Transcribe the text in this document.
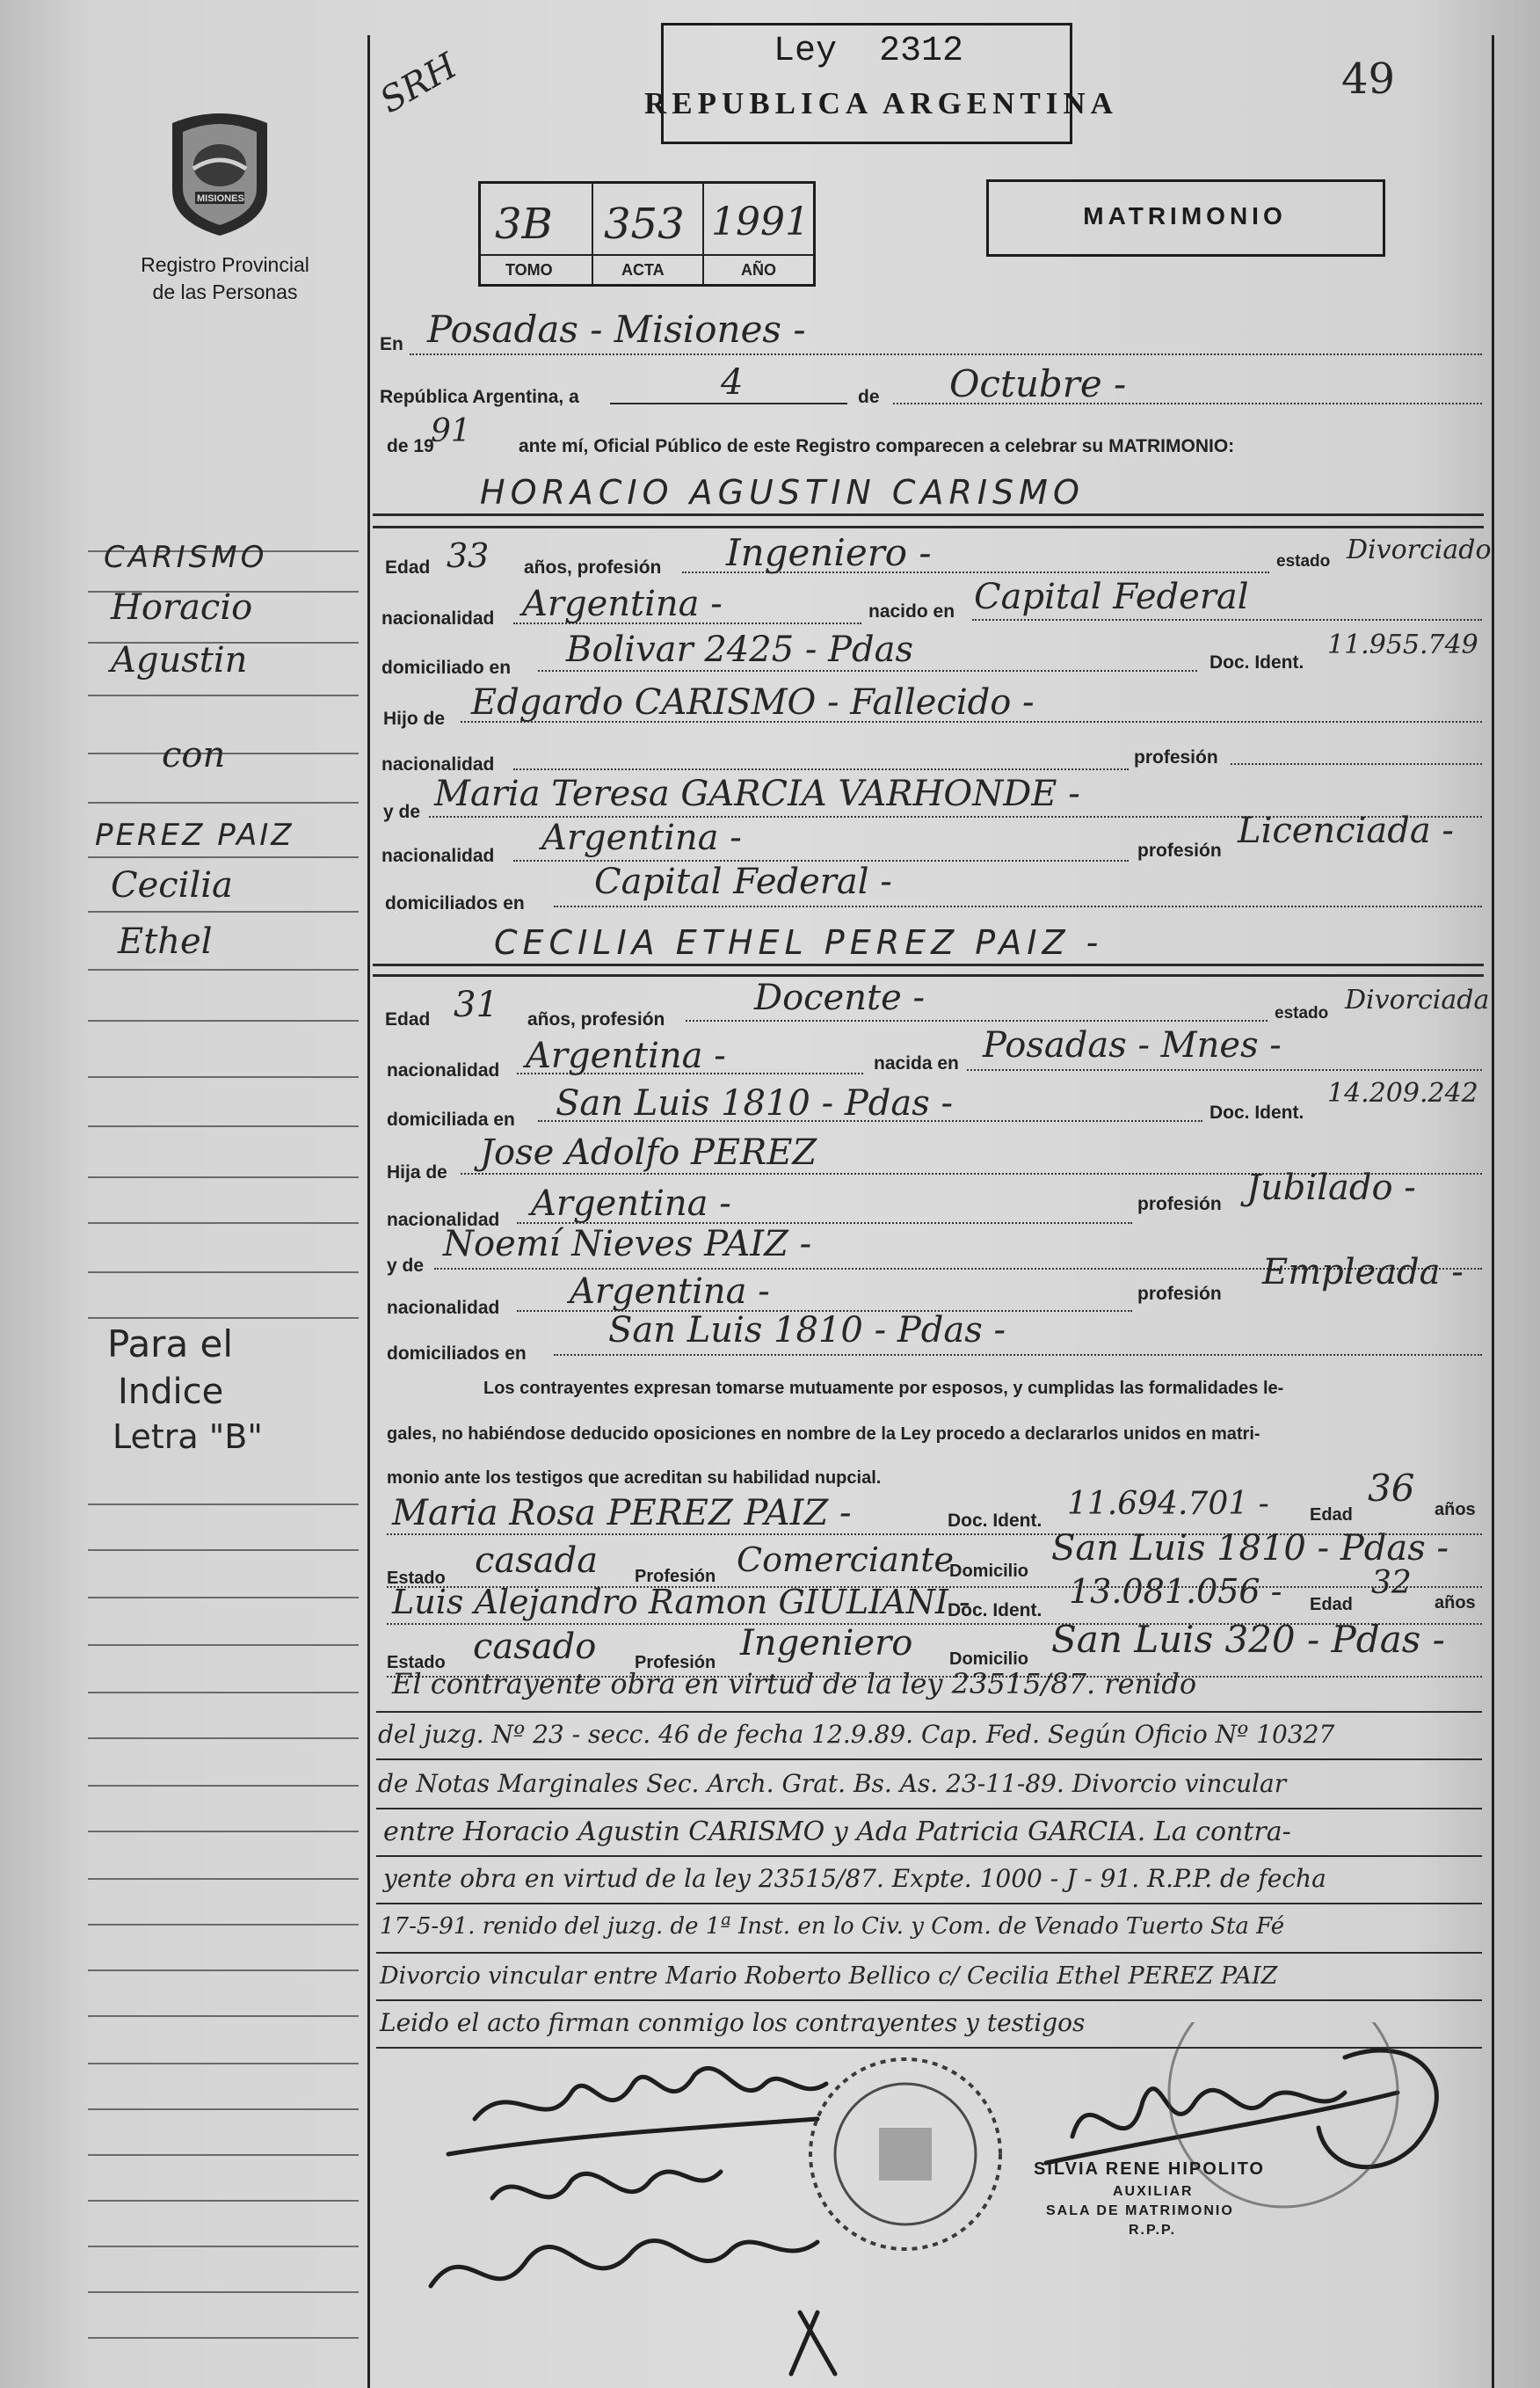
Ley  2312
REPUBLICA ARGENTINA	49
SRH
MISIONES
Registro Provincial
de las Personas
3B 353 1991
TOMO	ACTA	AÑO
MATRIMONIO
En Posadas - Misiones -
República Argentina, a	4	de Octubre -
de 19
91	ante mí, Oficial Público de este Registro comparecen a celebrar su MATRIMONIO:
HORACIO AGUSTIN CARISMO
Edad 33 años, profesión Ingeniero -	estado Divorciado
nacionalidad Argentina -	nacido en Capital Federal
domiciliado en Bolivar 2425 - Pdas	Doc. Ident.
11.955.749
Hijo de Edgardo CARISMO - Fallecido -
nacionalidad	profesión
y de Maria Teresa GARCIA VARHONDE -
nacionalidad Argentina -	profesión Licenciada -
domiciliados en
Capital Federal -
CECILIA ETHEL PEREZ PAIZ -
Edad 31 años, profesión
Docente -	estado Divorciada
nacionalidad Argentina -	nacida en Posadas - Mnes -
domiciliada en San Luis 1810 - Pdas -	Doc. Ident.
14.209.242
Hija de Jose Adolfo PEREZ
nacionalidad Argentina -	profesión Jubilado -
y de
Noemí Nieves PAIZ -
nacionalidad Argentina -	profesión
Empleada -
domiciliados en
San Luis 1810 - Pdas -
Los contrayentes expresan tomarse mutuamente por esposos, y cumplidas las formalidades le-
gales, no habiéndose deducido oposiciones en nombre de la Ley procedo a declararlos unidos en matri-
monio ante los testigos que acreditan su habilidad nupcial.
Maria Rosa PEREZ PAIZ -	Doc. Ident. 11.694.701 - Edad
36 años
Estado casada Profesión Comerciante
Domicilio
San Luis 1810 - Pdas -
Luis Alejandro Ramon GIULIANI -
Doc. Ident. 13.081.056 - Edad
32
años
Estado casado Profesión Ingeniero Domicilio San Luis 320 - Pdas -
El contrayente obra en virtud de la ley 23515/87. renido
del juzg. Nº 23 - secc. 46 de fecha 12.9.89. Cap. Fed. Según Oficio Nº 10327
de Notas Marginales Sec. Arch. Grat. Bs. As. 23-11-89. Divorcio vincular
entre Horacio Agustin CARISMO y Ada Patricia GARCIA. La contra-
yente obra en virtud de la ley 23515/87. Expte. 1000 - J - 91. R.P.P. de fecha
17-5-91. renido del juzg. de 1ª Inst. en lo Civ. y Com. de Venado Tuerto Sta Fé
Divorcio vincular entre Mario Roberto Bellico c/ Cecilia Ethel PEREZ PAIZ
Leido el acto firman conmigo los contrayentes y testigos
SILVIA RENE HIPOLITO
AUXILIAR
SALA DE MATRIMONIO
R.P.P.
CARISMO
Horacio
Agustin
con
PEREZ PAIZ
Cecilia
Ethel
Para el
Indice
Letra "B"
